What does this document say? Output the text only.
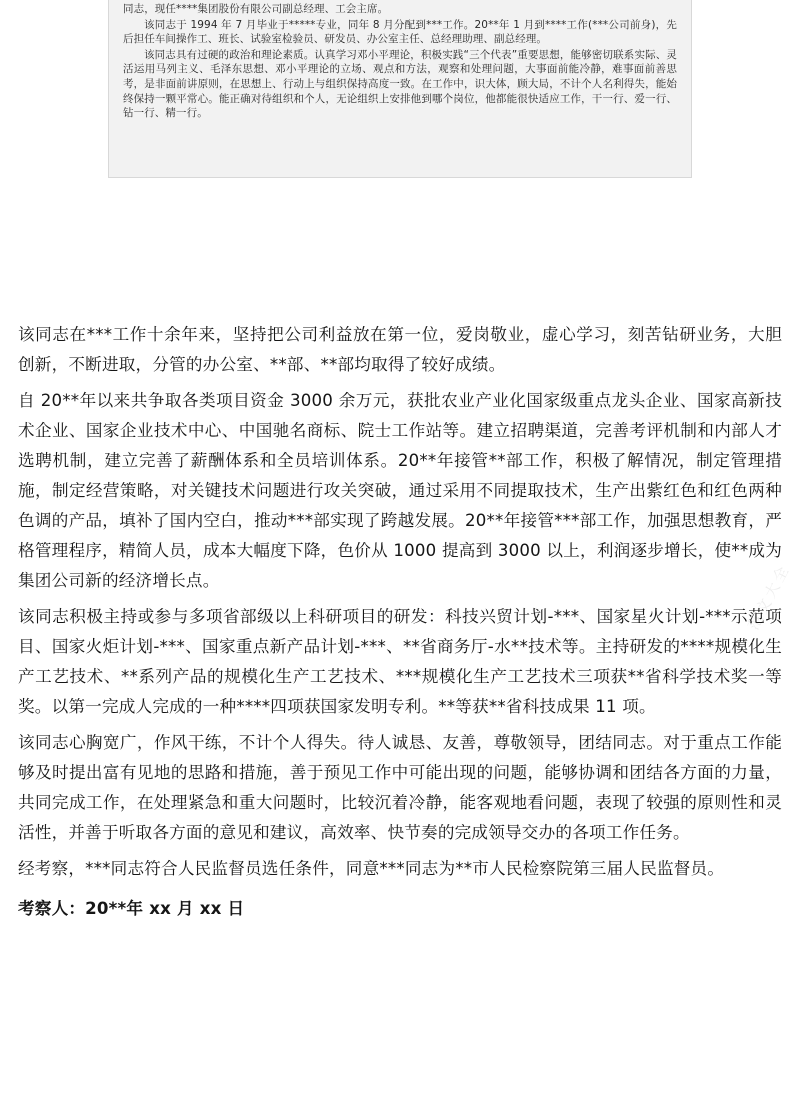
同志，现任****集团股份有限公司副总经理、工会主席。

该同志于 1994 年 7 月毕业于*****专业，同年 8 月分配到***工作。20**年 1 月到****工作(***公司前身)，先后担任车间操作工、班长、试验室检验员、研发员、办公室主任、总经理助理、副总经理。

该同志具有过硬的政治和理论素质。认真学习邓小平理论，积极实践“三个代表”重要思想，能够密切联系实际、灵活运用马列主义、毛泽东思想、邓小平理论的立场、观点和方法，观察和处理问题，大事面前能冷静，难事面前善思考，是非面前讲原则，在思想上、行动上与组织保持高度一致。在工作中，识大体，顾大局，不计个人名利得失，能始终保持一颗平常心。能正确对待组织和个人，无论组织上安排他到哪个岗位，他都能很快适应工作，干一行、爱一行、钻一行、精一行。

该同志在***工作十余年来，坚持把公司利益放在第一位，爱岗敬业，虚心学习，刻苦钻研业务，大胆创新，不断进取，分管的办公室、**部、**部均取得了较好成绩。

自 20**年以来共争取各类项目资金 3000 余万元，获批农业产业化国家级重点龙头企业、国家高新技术企业、国家企业技术中心、中国驰名商标、院士工作站等。建立招聘渠道，完善考评机制和内部人才选聘机制，建立完善了薪酬体系和全员培训体系。20**年接管**部工作，积极了解情况，制定管理措施，制定经营策略，对关键技术问题进行攻关突破，通过采用不同提取技术，生产出紫红色和红色两种色调的产品，填补了国内空白，推动***部实现了跨越发展。20**年接管***部工作，加强思想教育，严格管理程序，精简人员，成本大幅度下降，色价从 1000 提高到 3000 以上，利润逐步增长，使**成为集团公司新的经济增长点。

该同志积极主持或参与多项省部级以上科研项目的研发：科技兴贸计划-***、国家星火计划-***示范项目、国家火炬计划-***、国家重点新产品计划-***、**省商务厅-水**技术等。主持研发的****规模化生产工艺技术、**系列产品的规模化生产工艺技术、***规模化生产工艺技术三项获**省科学技术奖一等奖。以第一完成人完成的一种****四项获国家发明专利。**等获**省科技成果 11 项。

该同志心胸宽广，作风干练，不计个人得失。待人诚恳、友善，尊敬领导，团结同志。对于重点工作能够及时提出富有见地的思路和措施，善于预见工作中可能出现的问题，能够协调和团结各方面的力量，共同完成工作，在处理紧急和重大问题时，比较沉着冷静，能客观地看问题，表现了较强的原则性和灵活性，并善于听取各方面的意见和建议，高效率、快节奏的完成领导交办的各项工作任务。

经考察，***同志符合人民监督员选任条件，同意***同志为**市人民检察院第三届人民监督员。

考察人：20**年 xx 月 xx 日

范文大全
